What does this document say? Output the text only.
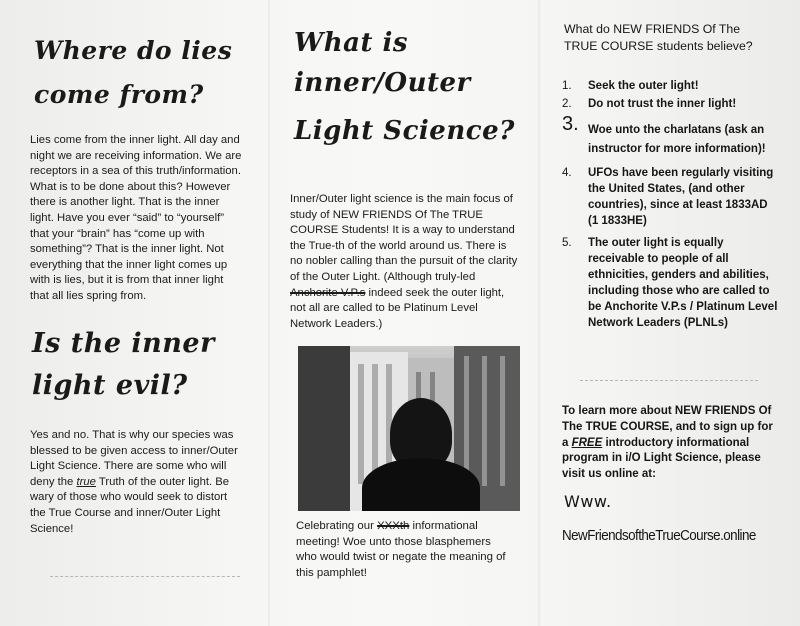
Where do lies
come from?

Lies come from the inner light. All day and night we are receiving information. We are receptors in a sea of this truth/information. What is to be done about this? However there is another light. That is the inner light. Have you ever “said” to “yourself” that your “brain” has “come up with something”? That is the inner light. Not everything that the inner light comes up with is lies, but it is from that inner light that all lies spring from.

Is the inner
light evil?

Yes and no. That is why our species was blessed to be given access to inner/Outer Light Science. There are some who will deny the true Truth of the outer light. Be wary of those who would seek to distort the True Course and inner/Outer Light Science!

What is
inner/Outer
Light Science?

Inner/Outer light science is the main focus of study of NEW FRIENDS Of The TRUE COURSE Students! It is a way to understand the True-th of the world around us. There is no nobler calling than the pursuit of the clarity of the Outer Light. (Although truly-led Anchorite V.P.s indeed seek the outer light, not all are called to be Platinum Level Network Leaders.)

Celebrating our XXXth informational meeting! Woe unto those blasphemers who would twist or negate the meaning of this pamphlet!

What do NEW FRIENDS Of The TRUE COURSE students believe?
1. Seek the outer light!
2. Do not trust the inner light!
3. Woe unto the charlatans (ask an instructor for more information)!
4. UFOs have been regularly visiting the United States, (and other countries), since at least 1833AD (1 1833HE)
5. The outer light is equally receivable to people of all ethnicities, genders and abilities, including those who are called to be Anchorite V.P.s / Platinum Level Network Leaders (PLNLs)

To learn more about NEW FRIENDS Of The TRUE COURSE, and to sign up for a FREE introductory informational program in i/O Light Science, please visit us online at:

Www.
NewFriendsoftheTrueCourse.online
